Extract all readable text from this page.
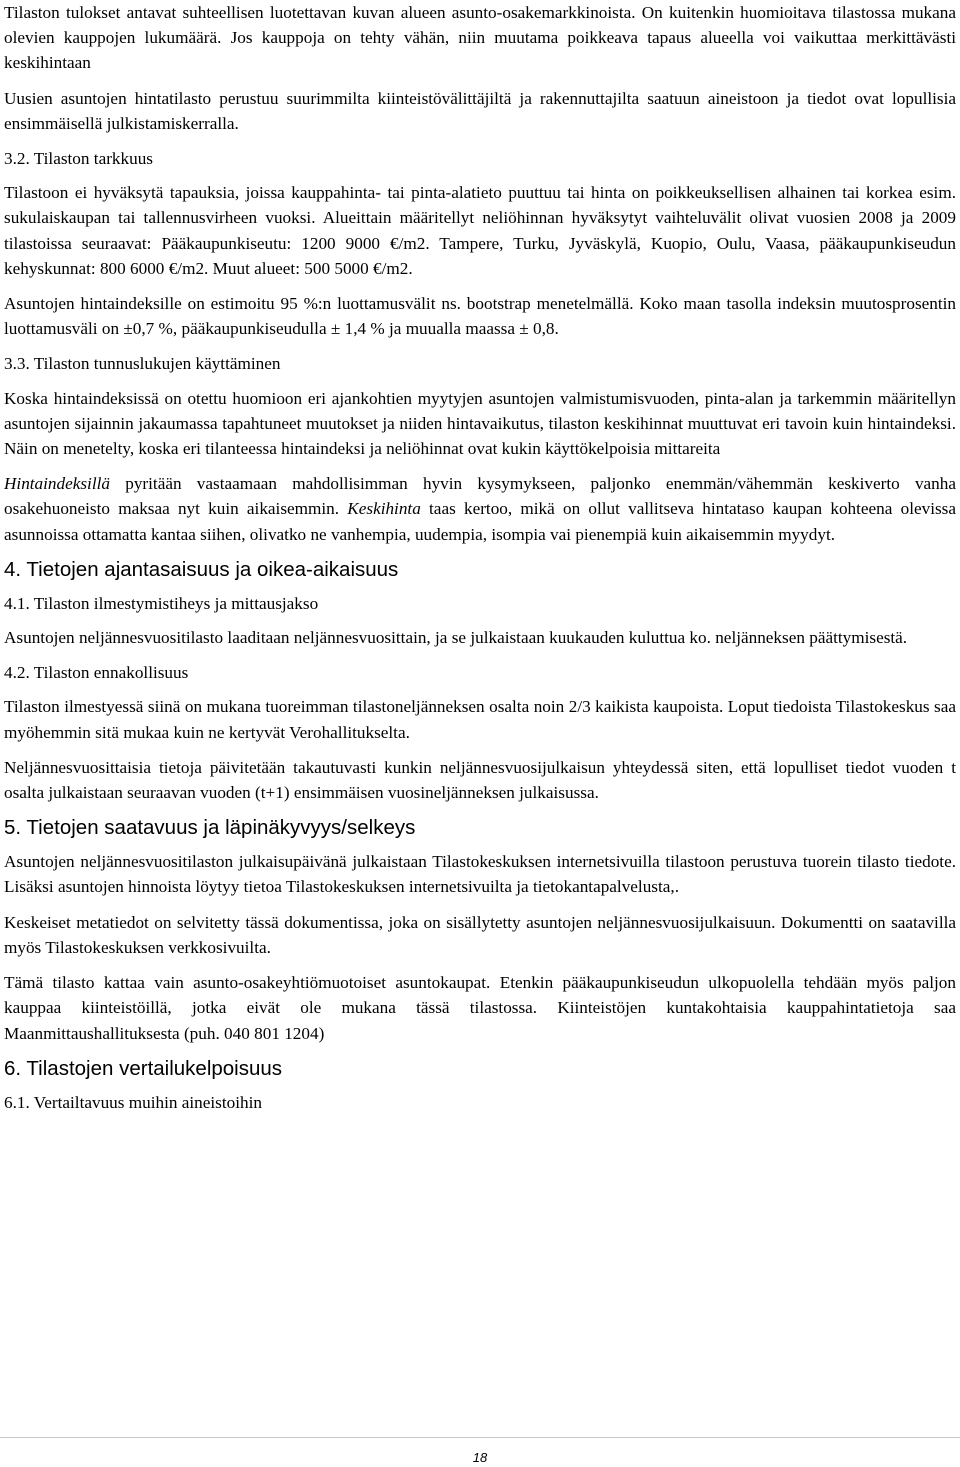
Tilaston tulokset antavat suhteellisen luotettavan kuvan alueen asunto-osakemarkkinoista. On kuitenkin huomioitava tilastossa mukana olevien kauppojen lukumäärä. Jos kauppoja on tehty vähän, niin muutama poikkeava tapaus alueella voi vaikuttaa merkittävästi keskihintaan

Uusien asuntojen hintatilasto perustuu suurimmilta kiinteistövälittäjiltä ja rakennuttajilta saatuun aineistoon ja tiedot ovat lopullisia ensimmäisellä julkistamiskerralla.

3.2. Tilaston tarkkuus

Tilastoon ei hyväksytä tapauksia, joissa kauppahinta- tai pinta-alatieto puuttuu tai hinta on poikkeuksellisen alhainen tai korkea esim. sukulaiskaupan tai tallennusvirheen vuoksi. Alueittain määritellyt neliöhinnan hyväksytyt vaihteluvälit olivat vuosien 2008 ja 2009 tilastoissa seuraavat: Pääkaupunkiseutu: 1200 9000 €/m2. Tampere, Turku, Jyväskylä, Kuopio, Oulu, Vaasa, pääkaupunkiseudun kehyskunnat: 800 6000 €/m2. Muut alueet: 500 5000 €/m2.

Asuntojen hintaindeksille on estimoitu 95 %:n luottamusvälit ns. bootstrap menetelmällä. Koko maan tasolla indeksin muutosprosentin luottamusväli on ±0,7 %, pääkaupunkiseudulla ± 1,4 % ja muualla maassa ± 0,8.

3.3. Tilaston tunnuslukujen käyttäminen

Koska hintaindeksissä on otettu huomioon eri ajankohtien myytyjen asuntojen valmistumisvuoden, pinta-alan ja tarkemmin määritellyn asuntojen sijainnin jakaumassa tapahtuneet muutokset ja niiden hintavaikutus, tilaston keskihinnat muuttuvat eri tavoin kuin hintaindeksi. Näin on menetelty, koska eri tilanteessa hintaindeksi ja neliöhinnat ovat kukin käyttökelpoisia mittareita

Hintaindeksillä pyritään vastaamaan mahdollisimman hyvin kysymykseen, paljonko enemmän/vähemmän keskiverto vanha osakehuoneisto maksaa nyt kuin aikaisemmin. Keskihinta taas kertoo, mikä on ollut vallitseva hintataso kaupan kohteena olevissa asunnoissa ottamatta kantaa siihen, olivatko ne vanhempia, uudempia, isompia vai pienempiä kuin aikaisemmin myydyt.

4. Tietojen ajantasaisuus ja oikea-aikaisuus
4.1. Tilaston ilmestymistiheys ja mittausjakso

Asuntojen neljännesvuositilasto laaditaan neljännesvuosittain, ja se julkaistaan kuukauden kuluttua ko. neljänneksen päättymisestä.

4.2. Tilaston ennakollisuus

Tilaston ilmestyessä siinä on mukana tuoreimman tilastoneljänneksen osalta noin 2/3 kaikista kaupoista. Loput tiedoista Tilastokeskus saa myöhemmin sitä mukaa kuin ne kertyvät Verohallitukselta.

Neljännesvuosittaisia tietoja päivitetään takautuvasti kunkin neljännesvuosijulkaisun yhteydessä siten, että lopulliset tiedot vuoden t osalta julkaistaan seuraavan vuoden (t+1) ensimmäisen vuosineljänneksen julkaisussa.

5. Tietojen saatavuus ja läpinäkyvyys/selkeys

Asuntojen neljännesvuositilaston julkaisupäivänä julkaistaan Tilastokeskuksen internetsivuilla tilastoon perustuva tuorein tilasto tiedote. Lisäksi asuntojen hinnoista löytyy tietoa Tilastokeskuksen internetsivuilta ja tietokantapalvelusta,.

Keskeiset metatiedot on selvitetty tässä dokumentissa, joka on sisällytetty asuntojen neljännesvuosijulkaisuun. Dokumentti on saatavilla myös Tilastokeskuksen verkkosivuilta.

Tämä tilasto kattaa vain asunto-osakeyhtiömuotoiset asuntokaupat. Etenkin pääkaupunkiseudun ulkopuolella tehdään myös paljon kauppaa kiinteistöillä, jotka eivät ole mukana tässä tilastossa. Kiinteistöjen kuntakohtaisia kauppahintatietoja saa Maanmittaushallituksesta (puh. 040 801 1204)

6. Tilastojen vertailukelpoisuus
6.1. Vertailtavuus muihin aineistoihin
18
